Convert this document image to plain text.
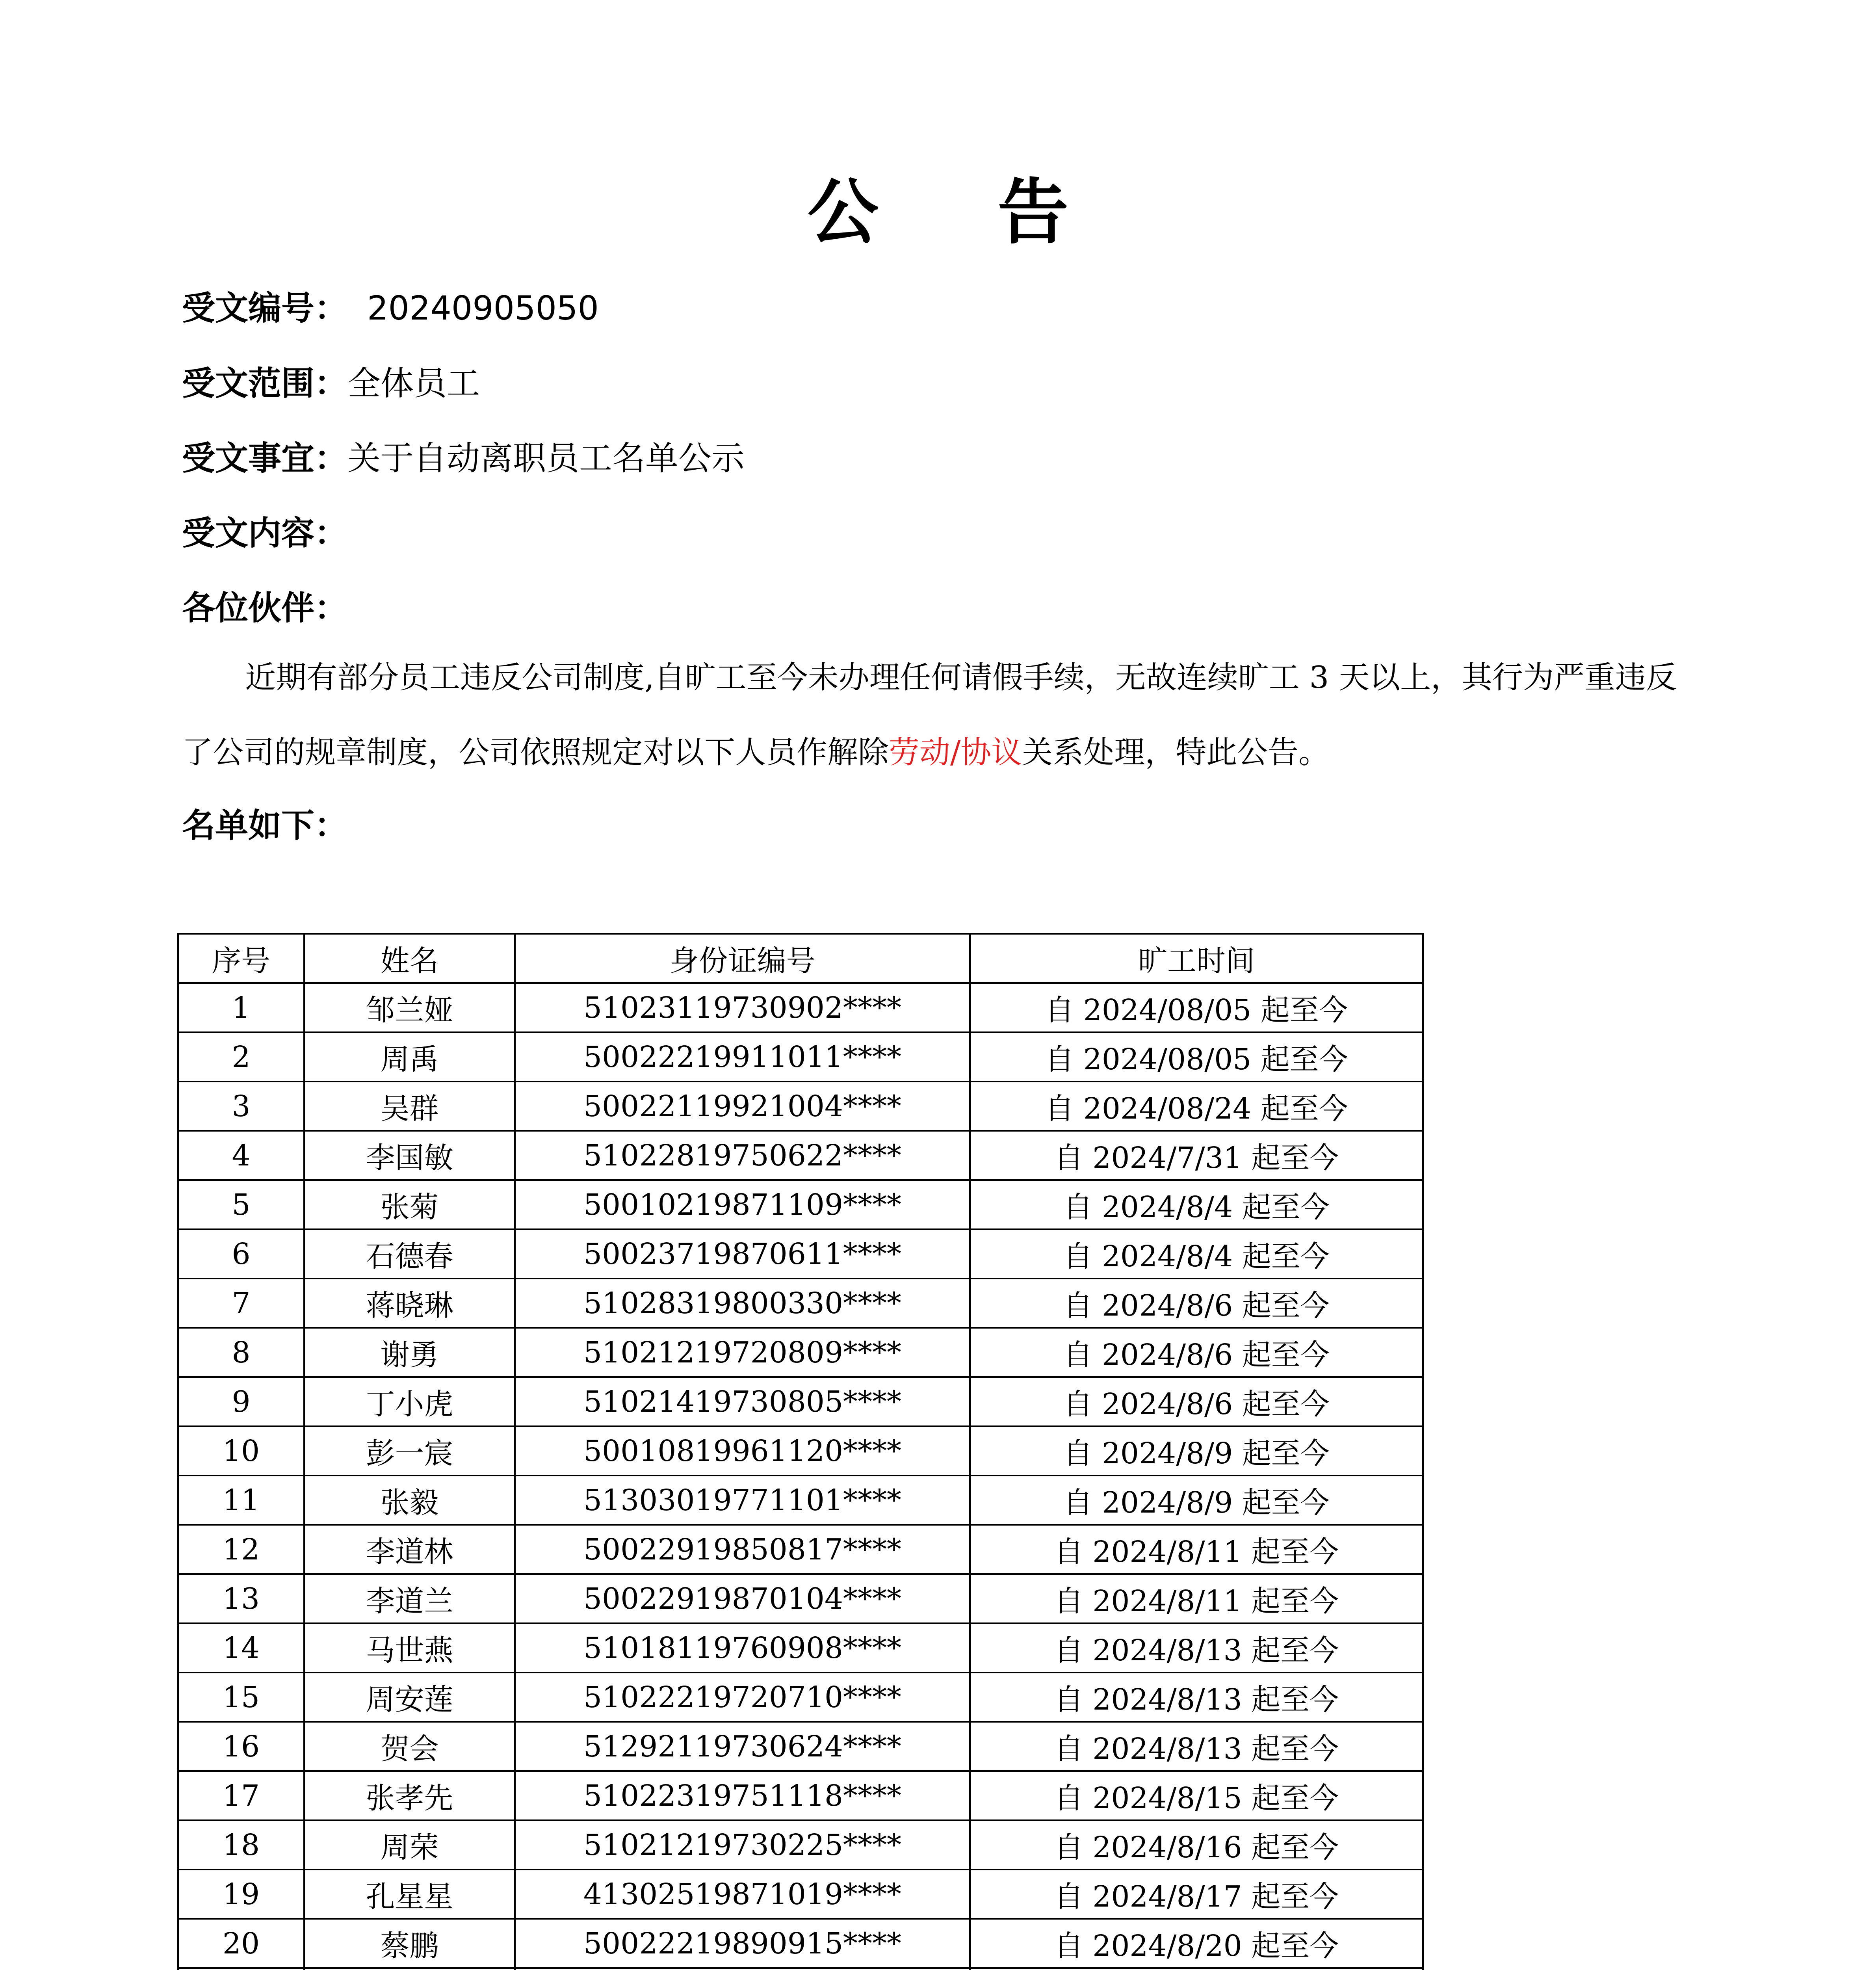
公 告
受文编号： 20240905050
受文范围：全体员工
受文事宜：关于自动离职员工名单公示
受文内容：
各位伙伴：

近期有部分员工违反公司制度,自旷工至今未办理任何请假手续，无故连续旷工 3 天以上，其行为严重违反了公司的规章制度，公司依照规定对以下人员作解除劳动/协议关系处理，特此公告。

名单如下：
序号	姓名	身份证编号	旷工时间
1	邹兰娅	51023119730902****	自 2024/08/05 起至今
2	周禹	50022219911011****	自 2024/08/05 起至今
3	吴群	50022119921004****	自 2024/08/24 起至今
4	李国敏	51022819750622****	自 2024/7/31 起至今
5	张菊	50010219871109****	自 2024/8/4 起至今
6	石德春	50023719870611****	自 2024/8/4 起至今
7	蒋晓琳	51028319800330****	自 2024/8/6 起至今
8	谢勇	51021219720809****	自 2024/8/6 起至今
9	丁小虎	51021419730805****	自 2024/8/6 起至今
10	彭一宸	50010819961120****	自 2024/8/9 起至今
11	张毅	51303019771101****	自 2024/8/9 起至今
12	李道林	50022919850817****	自 2024/8/11 起至今
13	李道兰	50022919870104****	自 2024/8/11 起至今
14	马世燕	51018119760908****	自 2024/8/13 起至今
15	周安莲	51022219720710****	自 2024/8/13 起至今
16	贺会	51292119730624****	自 2024/8/13 起至今
17	张孝先	51022319751118****	自 2024/8/15 起至今
18	周荣	51021219730225****	自 2024/8/16 起至今
19	孔星星	41302519871019****	自 2024/8/17 起至今
20	蔡鹏	50022219890915****	自 2024/8/20 起至今
